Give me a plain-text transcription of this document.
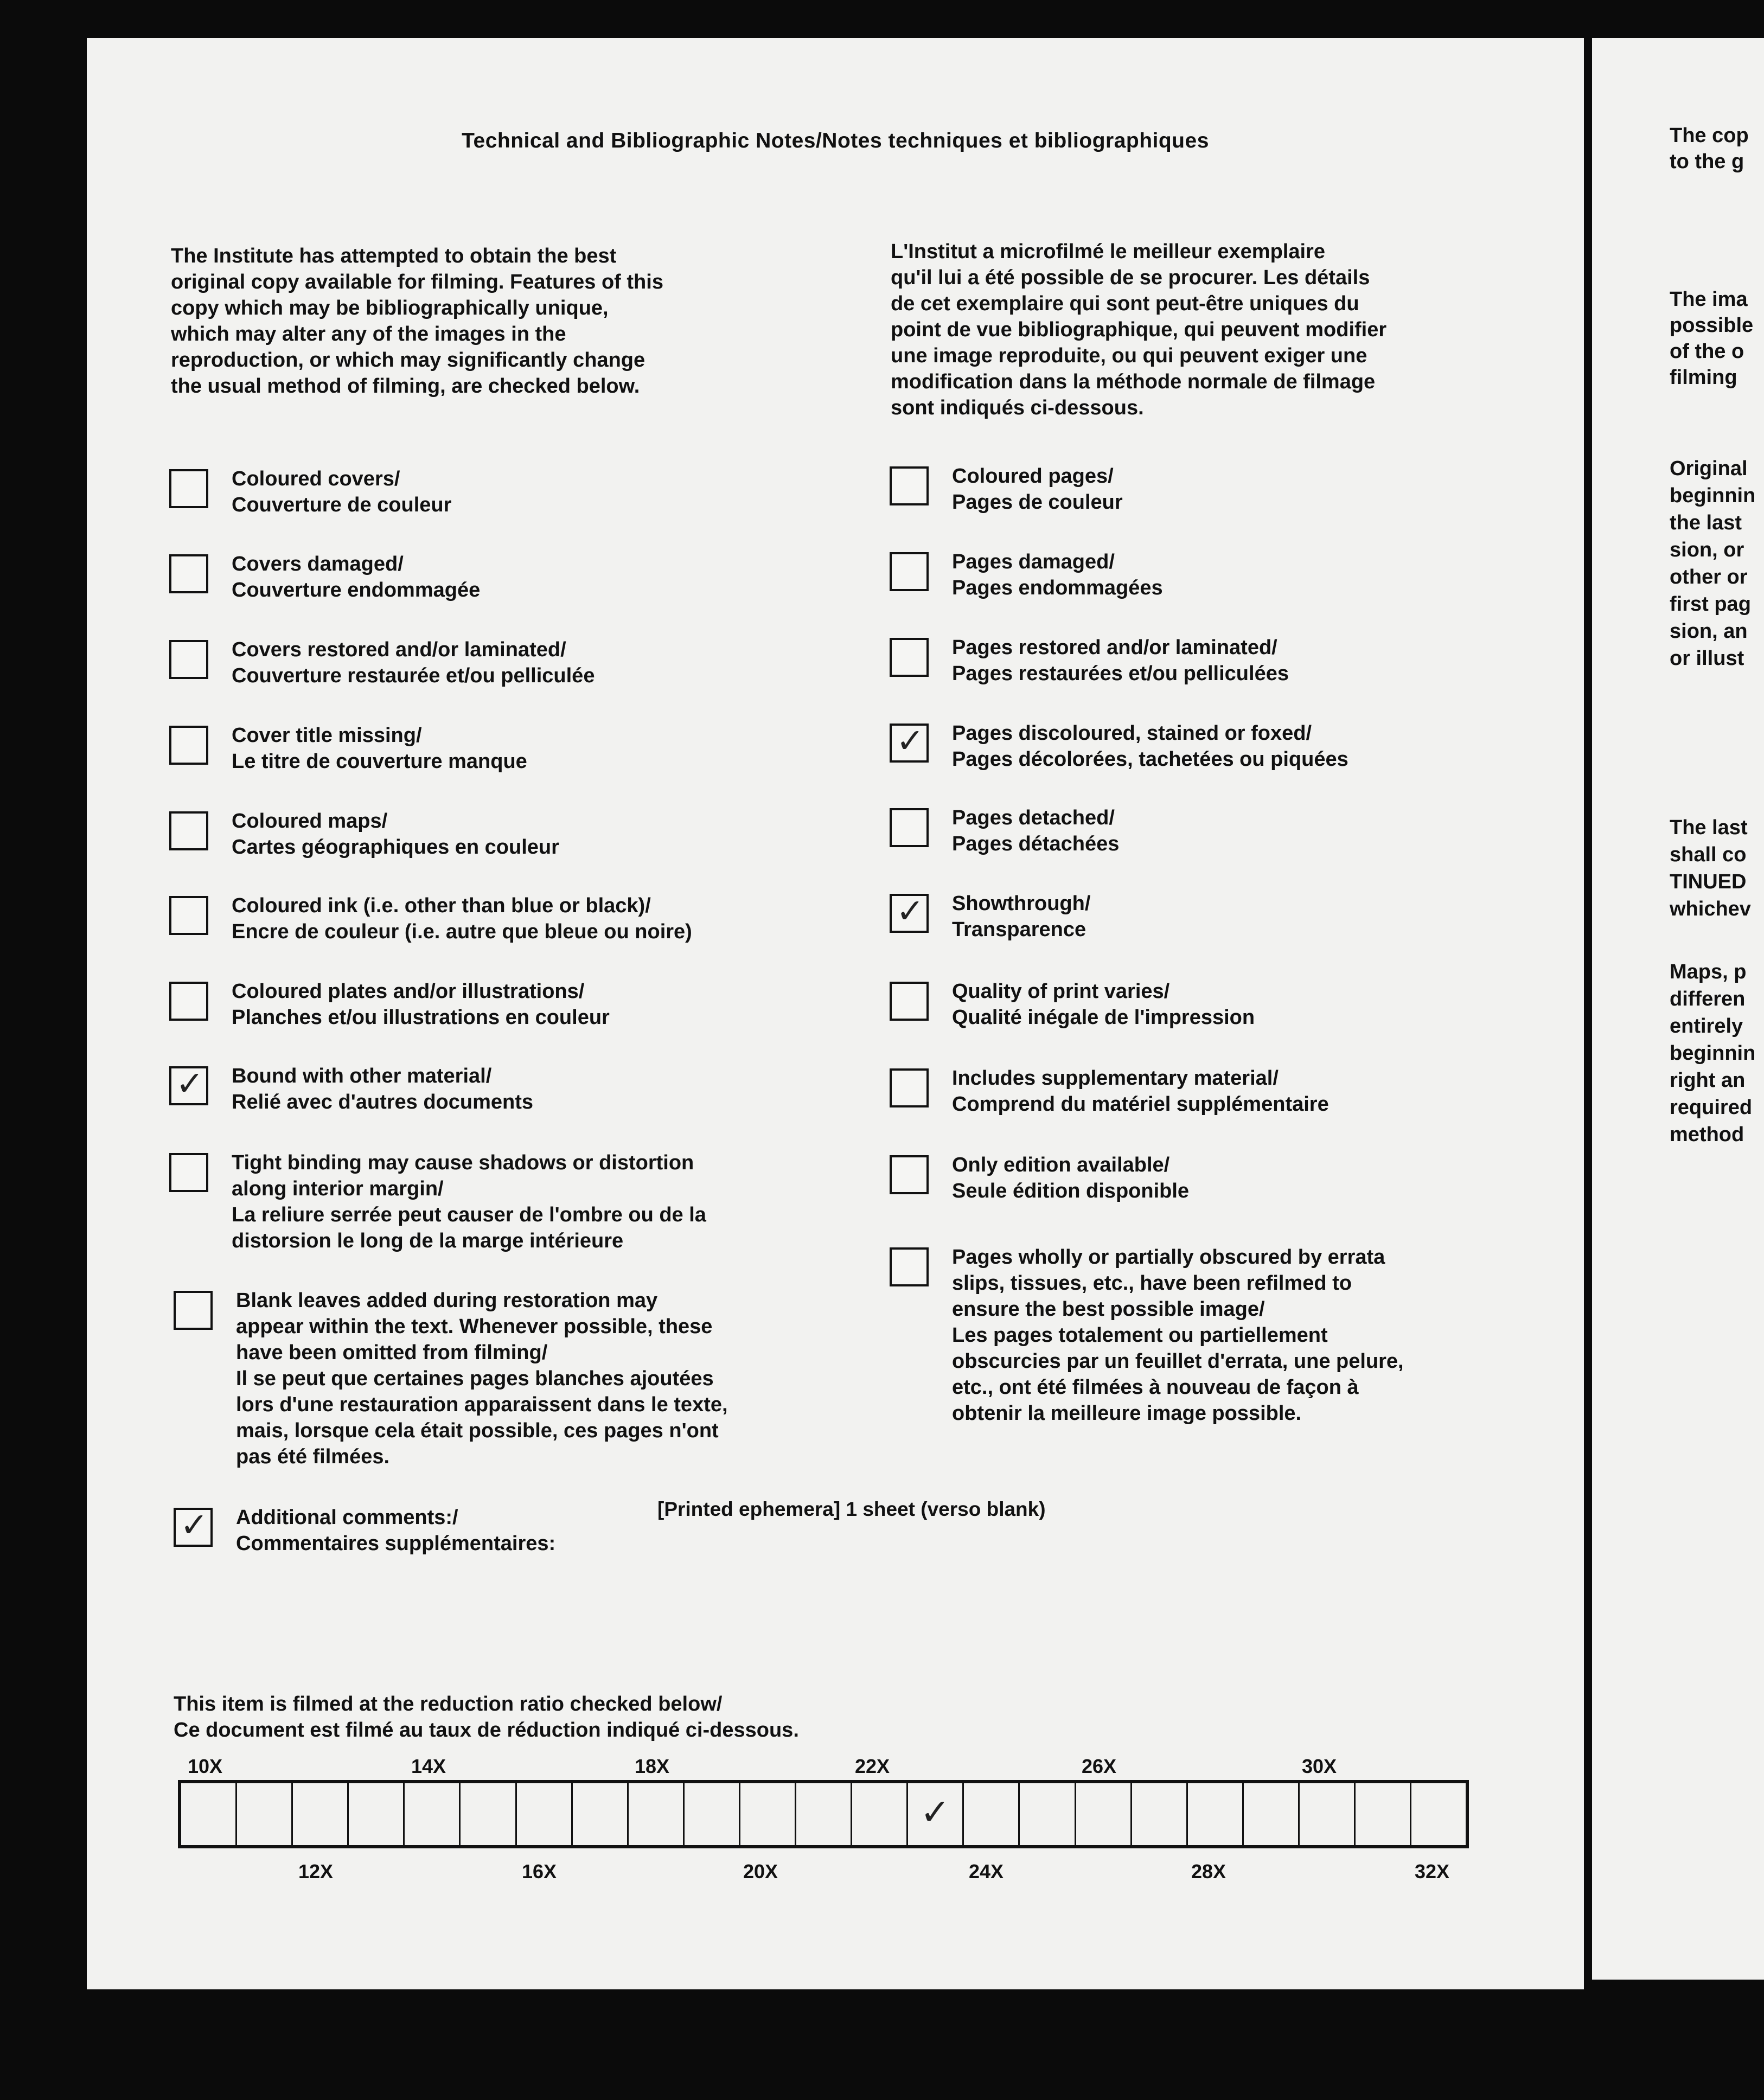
Technical and Bibliographic Notes/Notes techniques et bibliographiques
The Institute has attempted to obtain the best
original copy available for filming. Features of this
copy which may be bibliographically unique,
which may alter any of the images in the
reproduction, or which may significantly change
the usual method of filming, are checked below.
L'Institut a microfilmé le meilleur exemplaire
qu'il lui a été possible de se procurer. Les détails
de cet exemplaire qui sont peut-être uniques du
point de vue bibliographique, qui peuvent modifier
une image reproduite, ou qui peuvent exiger une
modification dans la méthode normale de filmage
sont indiqués ci-dessous.
Coloured covers/
Couverture de couleur
Covers damaged/
Couverture endommagée
Covers restored and/or laminated/
Couverture restaurée et/ou pelliculée
Cover title missing/
Le titre de couverture manque
Coloured maps/
Cartes géographiques en couleur
Coloured ink (i.e. other than blue or black)/
Encre de couleur (i.e. autre que bleue ou noire)
Coloured plates and/or illustrations/
Planches et/ou illustrations en couleur
✓ Bound with other material/
Relié avec d'autres documents
Tight binding may cause shadows or distortion
along interior margin/
La reliure serrée peut causer de l'ombre ou de la
distorsion le long de la marge intérieure
Blank leaves added during restoration may
appear within the text. Whenever possible, these
have been omitted from filming/
Il se peut que certaines pages blanches ajoutées
lors d'une restauration apparaissent dans le texte,
mais, lorsque cela était possible, ces pages n'ont
pas été filmées.
Coloured pages/
Pages de couleur
Pages damaged/
Pages endommagées
Pages restored and/or laminated/
Pages restaurées et/ou pelliculées
✓ Pages discoloured, stained or foxed/
Pages décolorées, tachetées ou piquées
Pages detached/
Pages détachées
✓ Showthrough/
Transparence
Quality of print varies/
Qualité inégale de l'impression
Includes supplementary material/
Comprend du matériel supplémentaire
Only edition available/
Seule édition disponible
Pages wholly or partially obscured by errata
slips, tissues, etc., have been refilmed to
ensure the best possible image/
Les pages totalement ou partiellement
obscurcies par un feuillet d'errata, une pelure,
etc., ont été filmées à nouveau de façon à
obtenir la meilleure image possible.
✓ Additional comments:/
Commentaires supplémentaires:
[Printed ephemera] 1 sheet (verso blank)
This item is filmed at the reduction ratio checked below/
Ce document est filmé au taux de réduction indiqué ci-dessous.
10X	14X	18X	22X	26X	30X
✓
12X	16X	20X	24X	28X	32X
The cop
to the g
The ima
possible
of the o
filming
Original
beginnin
the last
sion, or
other or
first pag
sion, an
or illust
The last
shall co
TINUED
whichev
Maps, p
differen
entirely
beginnin
right an
required
method
